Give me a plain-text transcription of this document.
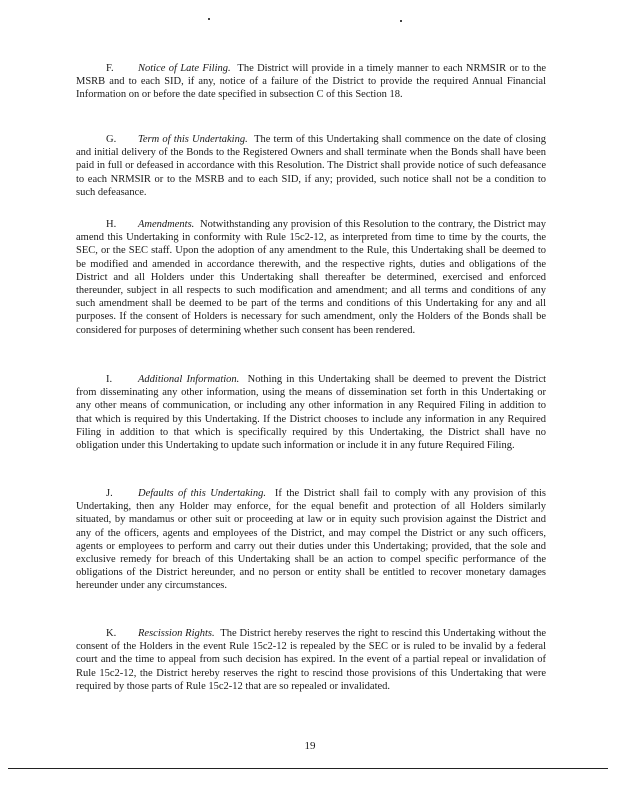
F. Notice of Late Filing. The District will provide in a timely manner to each NRMSIR or to the MSRB and to each SID, if any, notice of a failure of the District to provide the required Annual Financial Information on or before the date specified in subsection C of this Section 18.

G. Term of this Undertaking. The term of this Undertaking shall commence on the date of closing and initial delivery of the Bonds to the Registered Owners and shall terminate when the Bonds shall have been paid in full or defeased in accordance with this Resolution. The District shall provide notice of such defeasance to each NRMSIR or to the MSRB and to each SID, if any; provided, such notice shall not be a condition to such defeasance.

H. Amendments. Notwithstanding any provision of this Resolution to the contrary, the District may amend this Undertaking in conformity with Rule 15c2-12, as interpreted from time to time by the courts, the SEC, or the SEC staff. Upon the adoption of any amendment to the Rule, this Undertaking shall be deemed to be modified and amended in accordance therewith, and the respective rights, duties and obligations of the District and all Holders under this Undertaking shall thereafter be determined, exercised and enforced thereunder, subject in all respects to such modification and amendment; and all terms and conditions of any such amendment shall be deemed to be part of the terms and conditions of this Undertaking for any and all purposes. If the consent of Holders is necessary for such amendment, only the Holders of the Bonds shall be considered for purposes of determining whether such consent has been rendered.

I. Additional Information. Nothing in this Undertaking shall be deemed to prevent the District from disseminating any other information, using the means of dissemination set forth in this Undertaking or any other means of communication, or including any other information in any Required Filing in addition to that which is required by this Undertaking. If the District chooses to include any information in any Required Filing in addition to that which is specifically required by this Undertaking, the District shall have no obligation under this Undertaking to update such information or include it in any future Required Filing.

J. Defaults of this Undertaking. If the District shall fail to comply with any provision of this Undertaking, then any Holder may enforce, for the equal benefit and protection of all Holders similarly situated, by mandamus or other suit or proceeding at law or in equity such provision against the District and any of the officers, agents and employees of the District, and may compel the District or any such officers, agents or employees to perform and carry out their duties under this Undertaking; provided, that the sole and exclusive remedy for breach of this Undertaking shall be an action to compel specific performance of the obligations of the District hereunder, and no person or entity shall be entitled to recover monetary damages hereunder under any circumstances.

K. Rescission Rights. The District hereby reserves the right to rescind this Undertaking without the consent of the Holders in the event Rule 15c2-12 is repealed by the SEC or is ruled to be invalid by a federal court and the time to appeal from such decision has expired. In the event of a partial repeal or invalidation of Rule 15c2-12, the District hereby reserves the right to rescind those provisions of this Undertaking that were required by those parts of Rule 15c2-12 that are so repealed or invalidated.

19
